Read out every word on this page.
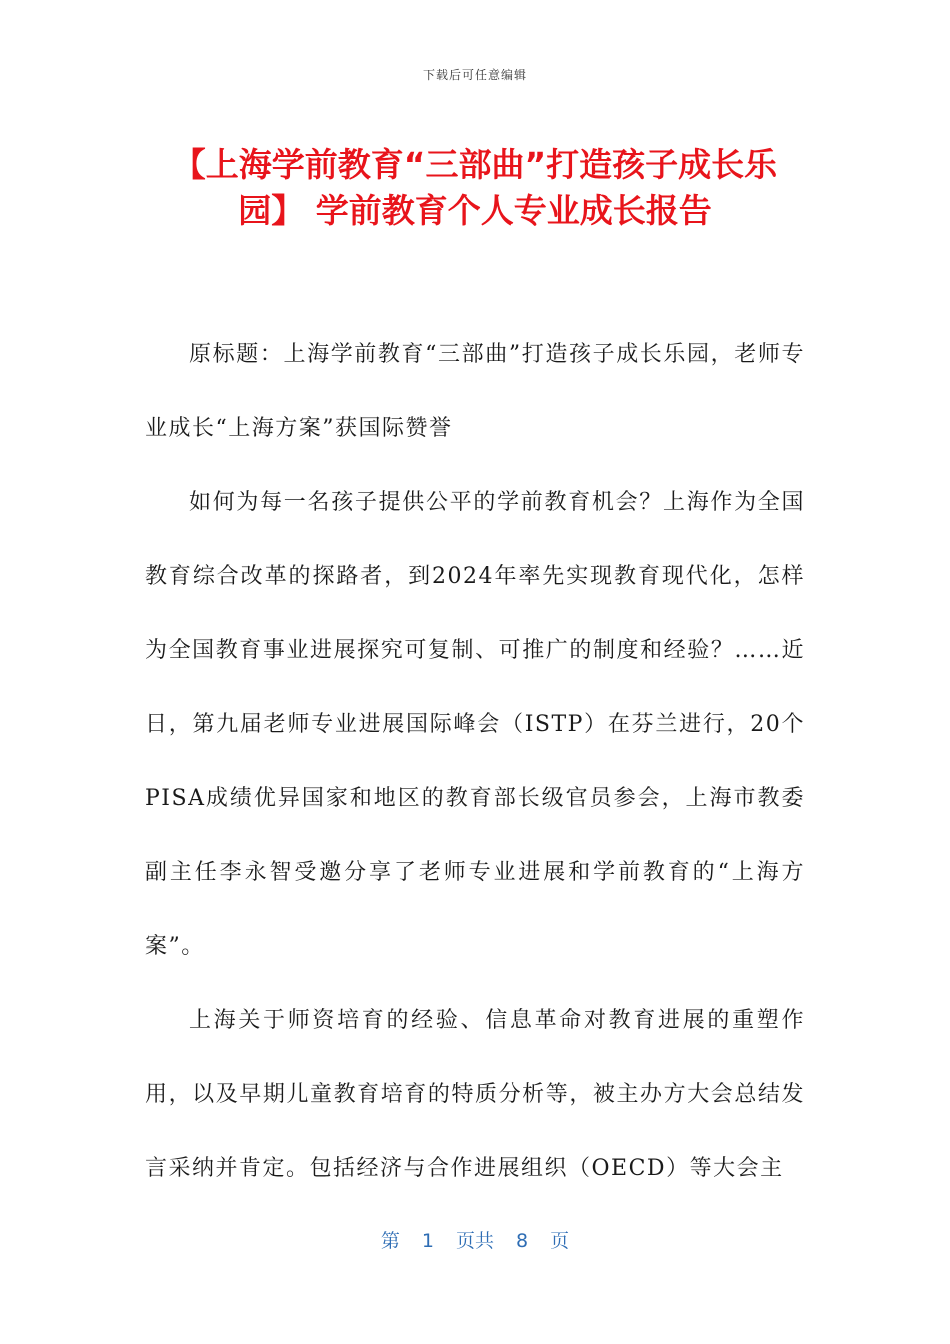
下载后可任意编辑
【上海学前教育“三部曲”打造孩子成长乐园】 学前教育个人专业成长报告

原标题：上海学前教育“三部曲”打造孩子成长乐园，老师专业成长“上海方案”获国际赞誉

如何为每一名孩子提供公平的学前教育机会？上海作为全国教育综合改革的探路者，到2024年率先实现教育现代化，怎样为全国教育事业进展探究可复制、可推广的制度和经验？……近日，第九届老师专业进展国际峰会（ISTP）在芬兰进行，20个PISA成绩优异国家和地区的教育部长级官员参会，上海市教委副主任李永智受邀分享了老师专业进展和学前教育的“上海方案”。

上海关于师资培育的经验、信息革命对教育进展的重塑作用，以及早期儿童教育培育的特质分析等，被主办方大会总结发言采纳并肯定。包括经济与合作进展组织（OECD）等大会主

第 1 页共 8 页
